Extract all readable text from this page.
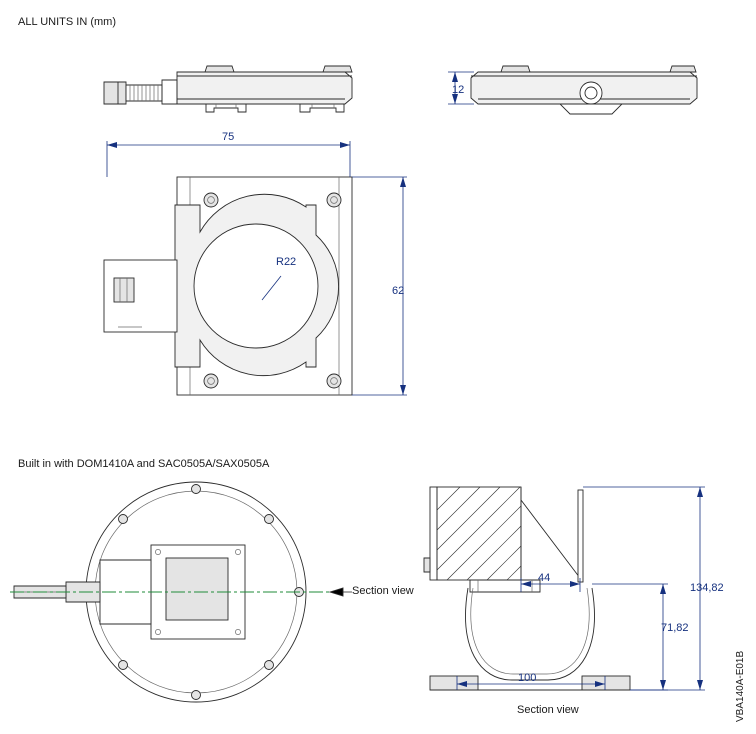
ALL UNITS IN (mm)
Built in with DOM1410A and SAC0505A/SAX0505A
75
62
R22
12
44
134,82
71,82
100
Section view
Section view	VBA140A-E01B
